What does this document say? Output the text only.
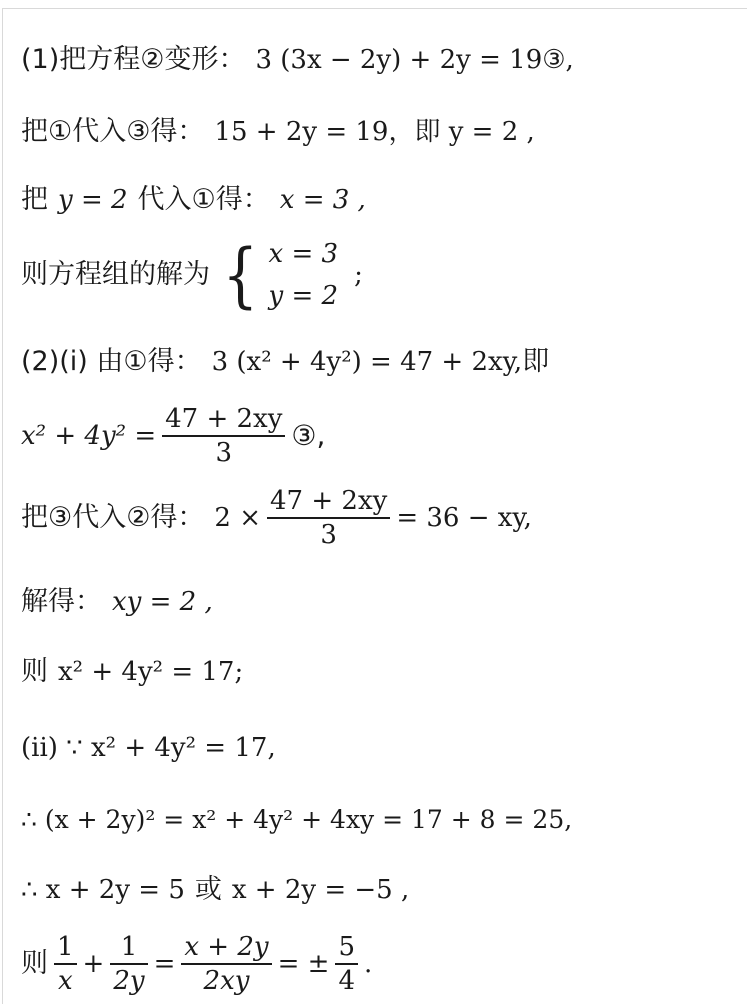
(1)把方程②变形： 3 (3x − 2y) + 2y = 19③,
把①代入③得： 15 + 2y = 19，即 y = 2 ,
把 y = 2 代入①得： x = 3 ,
则方程组的解为 { x = 3
y = 2
;
(2)(i) 由①得： 3 (x² + 4y²) = 47 + 2xy, 即
$x^2 + 4y^2 = \frac{47 + 2xy}{3}$ ③,
把③代入②得： $2 \times \frac{47 + 2xy}{3} = 36$ − xy,
解得： xy = 2 ,
则 x² + 4y² = 17;
(ii) ∵ x² + 4y² = 17,
∴ (x + 2y)² = x² + 4y² + 4xy = 17 + 8 = 25,
∴ x + 2y = 5 或 x + 2y = −5 ,
则 $\frac{1}{x} + \frac{1}{2y} = \frac{x + 2y}{2xy}$ = ± $\frac{5}{4}$ .
